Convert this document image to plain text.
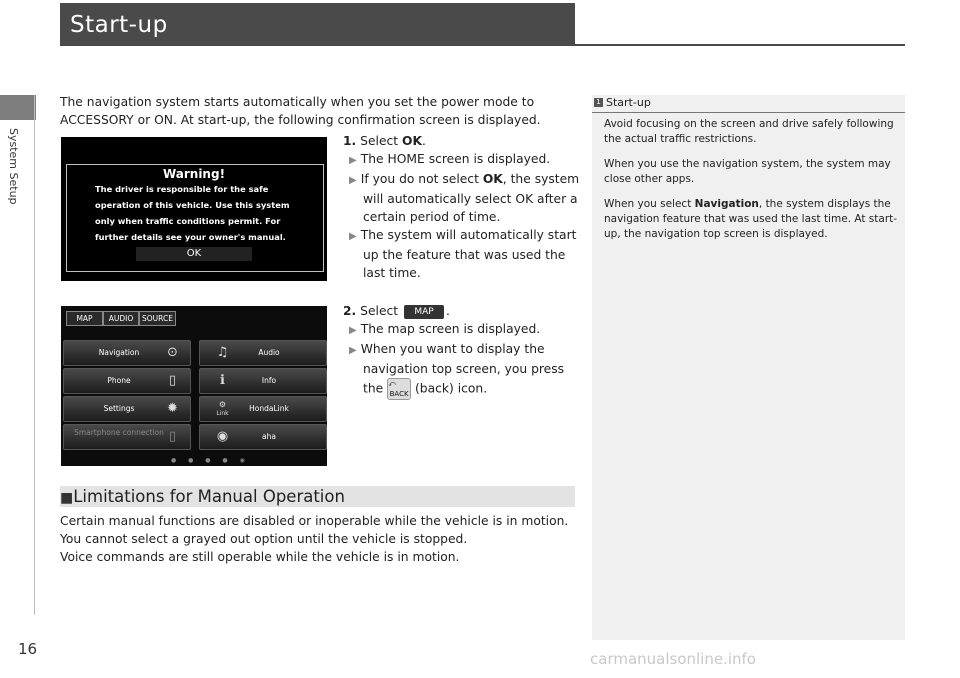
System Setup
16
Start-up
The navigation system starts automatically when you set the power mode to ACCESSORY or ON. At start-up, the following confirmation screen is displayed.
1. Select OK.
▶ The HOME screen is displayed.
▶ If you do not select OK, the system will automatically select OK after a certain period of time.
▶ The system will automatically start up the feature that was used the last time.
2. Select MAP .
▶ The map screen is displayed.
▶ When you want to display the navigation top screen, you press the ⤺
BACK (back) icon.
Warning!
The driver is responsible for the safe
operation of this vehicle. Use this system
only when traffic conditions permit. For
further details see your owner's manual.
OK
MAP	AUDIO	SOURCE
Navigation	⊙
Phone	▯
Settings	✹
Smartphone connection ▯
♫	Audio
ℹ	Info
⚙
Link
HondaLink
◉	aha
● ● ● ● ◉
■Limitations for Manual Operation
Certain manual functions are disabled or inoperable while the vehicle is in motion.
You cannot select a grayed out option until the vehicle is stopped.
Voice commands are still operable while the vehicle is in motion.
1 Start-up

Avoid focusing on the screen and drive safely following the actual traffic restrictions.

When you use the navigation system, the system may close other apps.

When you select Navigation, the system displays the navigation feature that was used the last time. At start-up, the navigation top screen is displayed.

carmanualsonline.info
